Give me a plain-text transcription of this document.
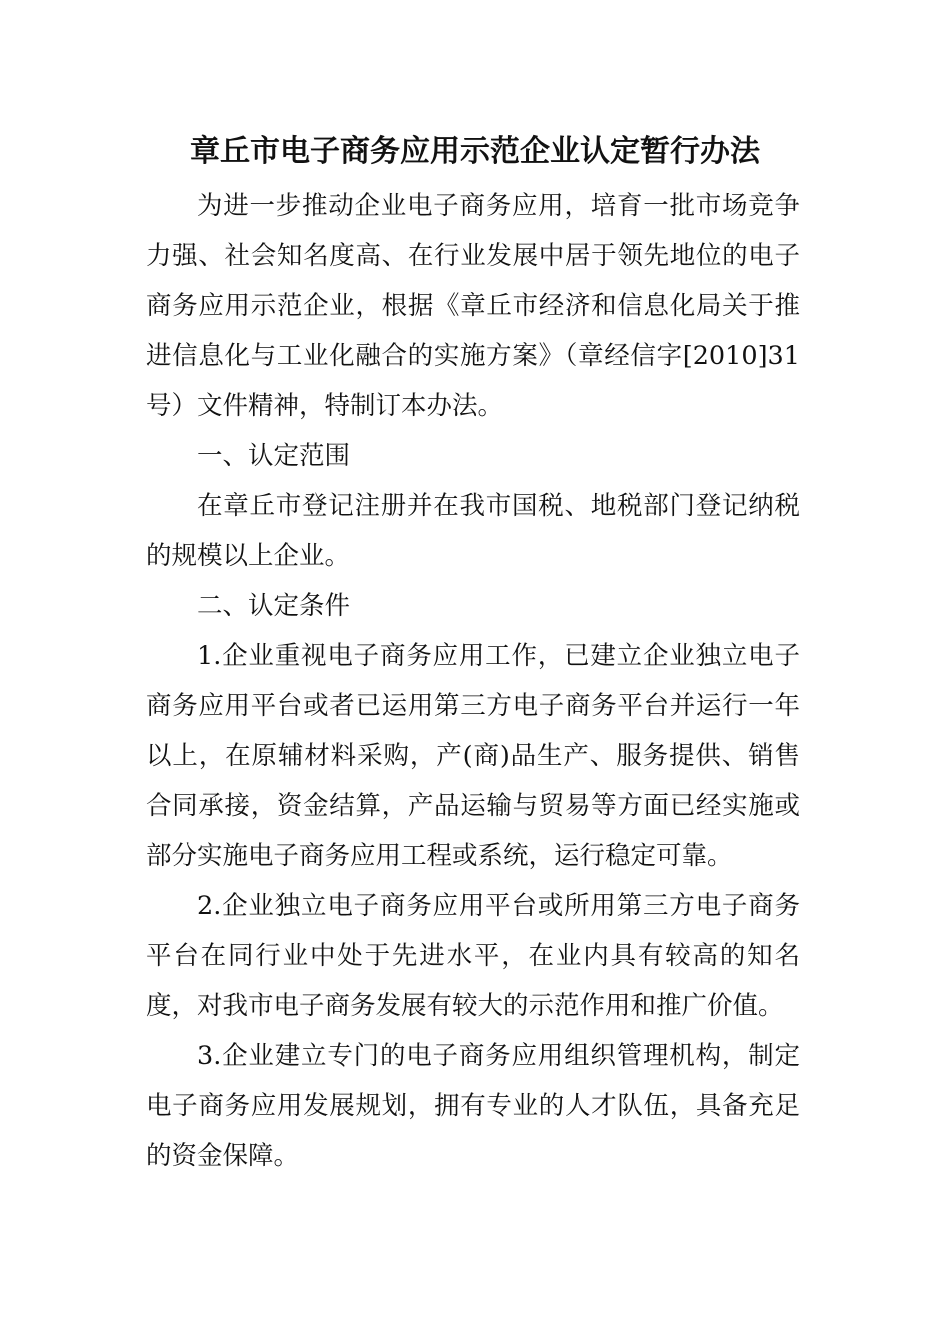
章丘市电子商务应用示范企业认定暂行办法

为进一步推动企业电子商务应用，培育一批市场竞争力强、社会知名度高、在行业发展中居于领先地位的电子商务应用示范企业，根据《章丘市经济和信息化局关于推进信息化与工业化融合的实施方案》（章经信字[2010]31号）文件精神，特制订本办法。

一、认定范围

在章丘市登记注册并在我市国税、地税部门登记纳税的规模以上企业。

二、认定条件

1.企业重视电子商务应用工作，已建立企业独立电子商务应用平台或者已运用第三方电子商务平台并运行一年以上，在原辅材料采购，产(商)品生产、服务提供、销售合同承接，资金结算，产品运输与贸易等方面已经实施或部分实施电子商务应用工程或系统，运行稳定可靠。

2.企业独立电子商务应用平台或所用第三方电子商务平台在同行业中处于先进水平，在业内具有较高的知名度，对我市电子商务发展有较大的示范作用和推广价值。

3.企业建立专门的电子商务应用组织管理机构，制定电子商务应用发展规划，拥有专业的人才队伍，具备充足的资金保障。
